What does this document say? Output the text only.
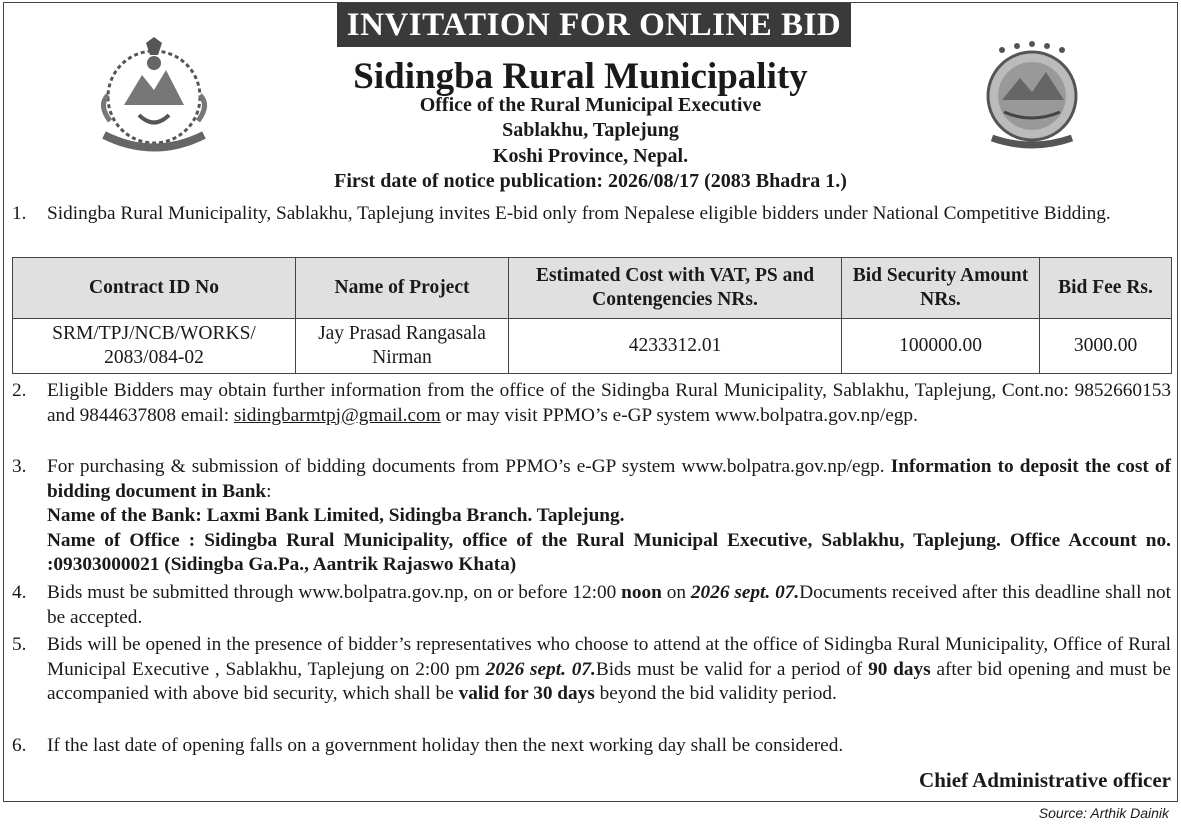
INVITATION FOR ONLINE BID
Sidingba Rural Municipality
Office of the Rural Municipal Executive
Sablakhu, Taplejung
Koshi Province, Nepal.
First date of notice publication: 2026/08/17 (2083 Bhadra 1.)
1.	Sidingba Rural Municipality, Sablakhu, Taplejung invites E-bid only from Nepalese eligible bidders under National Competitive Bidding.
Contract ID No	Name of Project	Estimated Cost with VAT, PS and Contengencies NRs.	Bid Security Amount NRs.	Bid Fee Rs.
SRM/TPJ/NCB/WORKS/ 2083/084-02	Jay Prasad Rangasala Nirman	4233312.01	100000.00	3000.00
2.	Eligible Bidders may obtain further information from the office of the Sidingba Rural Municipality, Sablakhu, Taplejung, Cont.no: 9852660153 and 9844637808 email: sidingbarmtpj@gmail.com or may visit PPMO’s e-GP system www.bolpatra.gov.np/egp.
3.	For purchasing & submission of bidding documents from PPMO’s e-GP system www.bolpatra.gov.np/egp. Information to deposit the cost of bidding document in Bank:
Name of the Bank: Laxmi Bank Limited, Sidingba Branch. Taplejung.
Name of Office : Sidingba Rural Municipality, office of the Rural Municipal Executive, Sablakhu, Taplejung. Office Account no. :09303000021 (Sidingba Ga.Pa., Aantrik Rajaswo Khata)
4.	Bids must be submitted through www.bolpatra.gov.np, on or before 12:00 noon on 2026 sept. 07.Documents received after this deadline shall not be accepted.
5.	Bids will be opened in the presence of bidder’s representatives who choose to attend at the office of Sidingba Rural Municipality, Office of Rural Municipal Executive , Sablakhu, Taplejung on 2:00 pm 2026 sept. 07.Bids must be valid for a period of 90 days after bid opening and must be accompanied with above bid security, which shall be valid for 30 days beyond the bid validity period.
6.	If the last date of opening falls on a government holiday then the next working day shall be considered.
Chief Administrative officer
Source: Arthik Dainik
